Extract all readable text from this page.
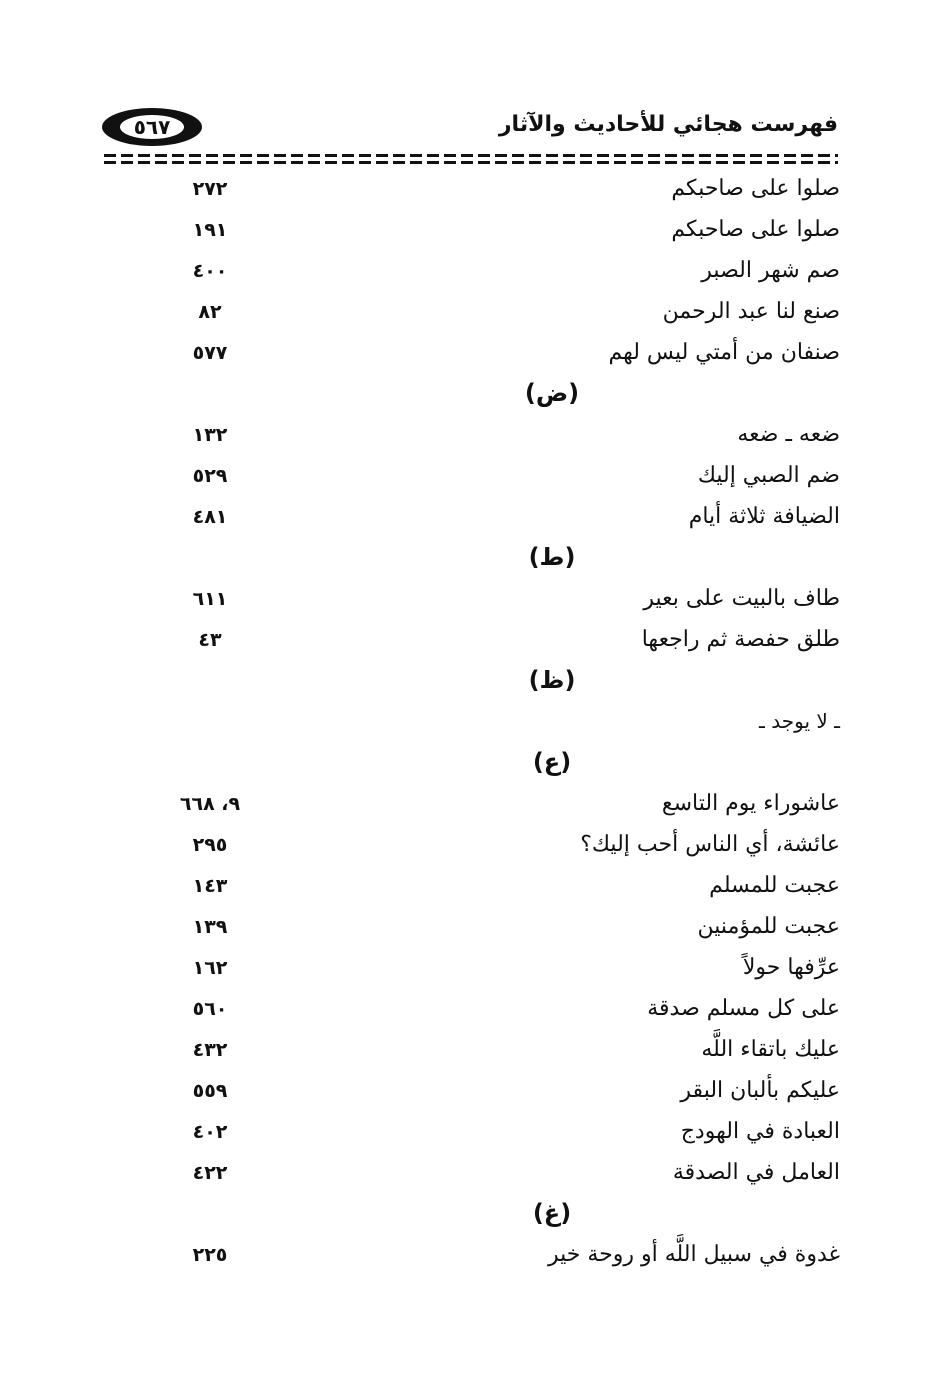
٥٦٧	فهرست هجائي للأحاديث والآثار
صلوا على صاحبكم
٢٧٢
صلوا على صاحبكم
١٩١
صم شهر الصبر
٤٠٠
صنع لنا عبد الرحمن
٨٢
صنفان من أمتي ليس لهم
٥٧٧
(ض)
ضعه ـ ضعه
١٣٢
ضم الصبي إليك
٥٢٩
الضيافة ثلاثة أيام
٤٨١
(ط)
طاف بالبيت على بعير
٦١١
طلق حفصة ثم راجعها
٤٣
(ظ)
ـ لا يوجد ـ
(ع)
عاشوراء يوم التاسع
٩، ٦٦٨
عائشة، أي الناس أحب إليك؟
٢٩٥
عجبت للمسلم
١٤٣
عجبت للمؤمنين
١٣٩
عرِّفها حولاً
١٦٢
على كل مسلم صدقة
٥٦٠
عليك باتقاء اللَّه
٤٣٢
عليكم بألبان البقر
٥٥٩
العبادة في الهودج
٤٠٢
العامل في الصدقة
٤٢٢
(غ)
غدوة في سبيل اللَّه أو روحة خير
٢٢٥
